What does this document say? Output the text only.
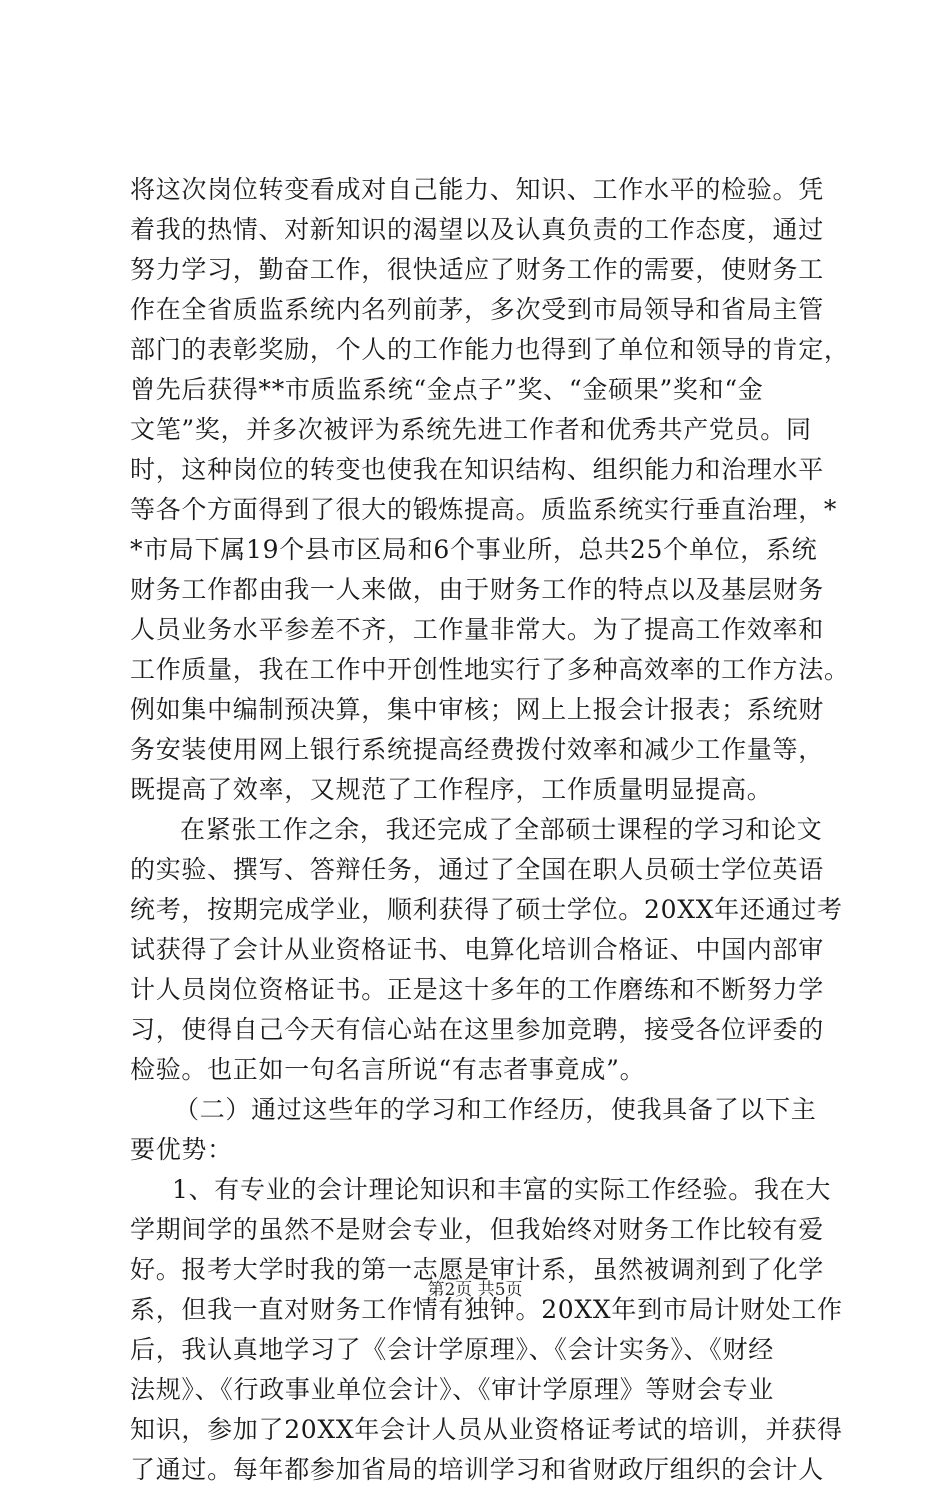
将这次岗位转变看成对自己能力、知识、工作水平的检验。凭
着我的热情、对新知识的渴望以及认真负责的工作态度，通过
努力学习，勤奋工作，很快适应了财务工作的需要，使财务工
作在全省质监系统内名列前茅，多次受到市局领导和省局主管
部门的表彰奖励，个人的工作能力也得到了单位和领导的肯定，
曾先后获得**市质监系统“金点子”奖、“金硕果”奖和“金
文笔”奖，并多次被评为系统先进工作者和优秀共产党员。同
时，这种岗位的转变也使我在知识结构、组织能力和治理水平
等各个方面得到了很大的锻炼提高。质监系统实行垂直治理，*
*市局下属19个县市区局和6个事业所，总共25个单位，系统
财务工作都由我一人来做，由于财务工作的特点以及基层财务
人员业务水平参差不齐，工作量非常大。为了提高工作效率和
工作质量，我在工作中开创性地实行了多种高效率的工作方法。
例如集中编制预决算，集中审核；网上上报会计报表；系统财
务安装使用网上银行系统提高经费拨付效率和减少工作量等，
既提高了效率，又规范了工作程序，工作质量明显提高。
在紧张工作之余，我还完成了全部硕士课程的学习和论文
的实验、撰写、答辩任务，通过了全国在职人员硕士学位英语
统考，按期完成学业，顺利获得了硕士学位。20XX年还通过考
试获得了会计从业资格证书、电算化培训合格证、中国内部审
计人员岗位资格证书。正是这十多年的工作磨练和不断努力学
习，使得自己今天有信心站在这里参加竞聘，接受各位评委的
检验。也正如一句名言所说“有志者事竟成”。
（二）通过这些年的学习和工作经历，使我具备了以下主
要优势：
1、有专业的会计理论知识和丰富的实际工作经验。我在大
学期间学的虽然不是财会专业，但我始终对财务工作比较有爱
好。报考大学时我的第一志愿是审计系，虽然被调剂到了化学
系，但我一直对财务工作情有独钟。20XX年到市局计财处工作
后，我认真地学习了《会计学原理》、《会计实务》、《财经
法规》、《行政事业单位会计》、《审计学原理》等财会专业
知识，参加了20XX年会计人员从业资格证考试的培训，并获得
了通过。每年都参加省局的培训学习和省财政厅组织的会计人
第2页 共5页
